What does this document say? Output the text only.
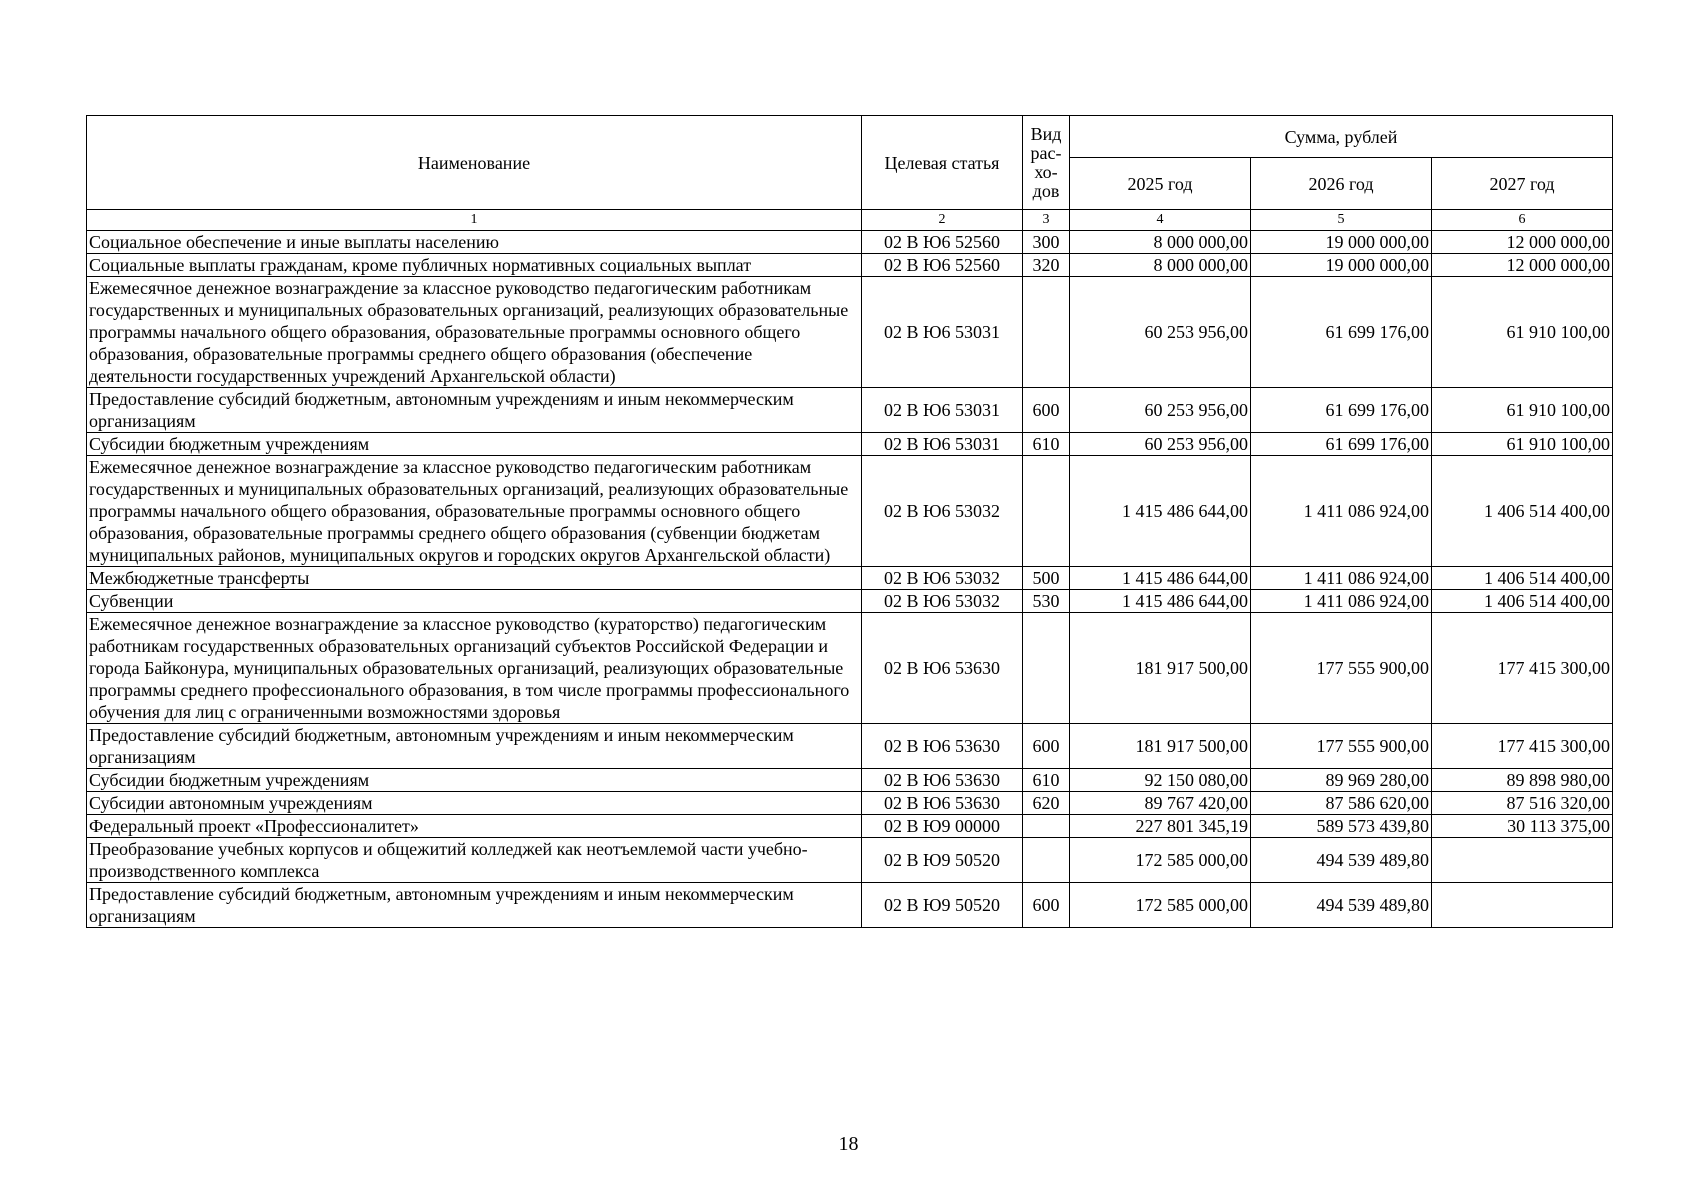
Наименование	Целевая статья	Вид
рас-
хо-
дов	Сумма, рублей		
			2025 год	2026 год	2027 год
1	2	3	4	5	6
Социальное обеспечение и иные выплаты населению	02 В Ю6 52560	300	8 000 000,00	19 000 000,00	12 000 000,00
Социальные выплаты гражданам, кроме публичных нормативных социальных выплат	02 В Ю6 52560	320	8 000 000,00	19 000 000,00	12 000 000,00
Ежемесячное денежное вознаграждение за классное руководство педагогическим работникам государственных и муниципальных образовательных организаций, реализующих образовательные программы начального общего образования, образовательные программы основного общего образования, образовательные программы среднего общего образования (обеспечение деятельности государственных учреждений Архангельской области)	02 В Ю6 53031		60 253 956,00	61 699 176,00	61 910 100,00
Предоставление субсидий бюджетным, автономным учреждениям и иным некоммерческим организациям	02 В Ю6 53031	600	60 253 956,00	61 699 176,00	61 910 100,00
Субсидии бюджетным учреждениям	02 В Ю6 53031	610	60 253 956,00	61 699 176,00	61 910 100,00
Ежемесячное денежное вознаграждение за классное руководство педагогическим работникам государственных и муниципальных образовательных организаций, реализующих образовательные программы начального общего образования, образовательные программы основного общего образования, образовательные программы среднего общего образования (субвенции бюджетам муниципальных районов, муниципальных округов и городских округов Архангельской области)	02 В Ю6 53032		1 415 486 644,00	1 411 086 924,00	1 406 514 400,00
Межбюджетные трансферты	02 В Ю6 53032	500	1 415 486 644,00	1 411 086 924,00	1 406 514 400,00
Субвенции	02 В Ю6 53032	530	1 415 486 644,00	1 411 086 924,00	1 406 514 400,00
Ежемесячное денежное вознаграждение за классное руководство (кураторство) педагогическим работникам государственных образовательных организаций субъектов Российской Федерации и города Байконура, муниципальных образовательных организаций, реализующих образовательные программы среднего профессионального образования, в том числе программы профессионального обучения для лиц с ограниченными возможностями здоровья	02 В Ю6 53630		181 917 500,00	177 555 900,00	177 415 300,00
Предоставление субсидий бюджетным, автономным учреждениям и иным некоммерческим организациям	02 В Ю6 53630	600	181 917 500,00	177 555 900,00	177 415 300,00
Субсидии бюджетным учреждениям	02 В Ю6 53630	610	92 150 080,00	89 969 280,00	89 898 980,00
Субсидии автономным учреждениям	02 В Ю6 53630	620	89 767 420,00	87 586 620,00	87 516 320,00
Федеральный проект «Профессионалитет»	02 В Ю9 00000		227 801 345,19	589 573 439,80	30 113 375,00
Преобразование учебных корпусов и общежитий колледжей как неотъемлемой части учебно-производственного комплекса	02 В Ю9 50520		172 585 000,00	494 539 489,80	
Предоставление субсидий бюджетным, автономным учреждениям и иным некоммерческим организациям	02 В Ю9 50520	600	172 585 000,00	494 539 489,80	
18
